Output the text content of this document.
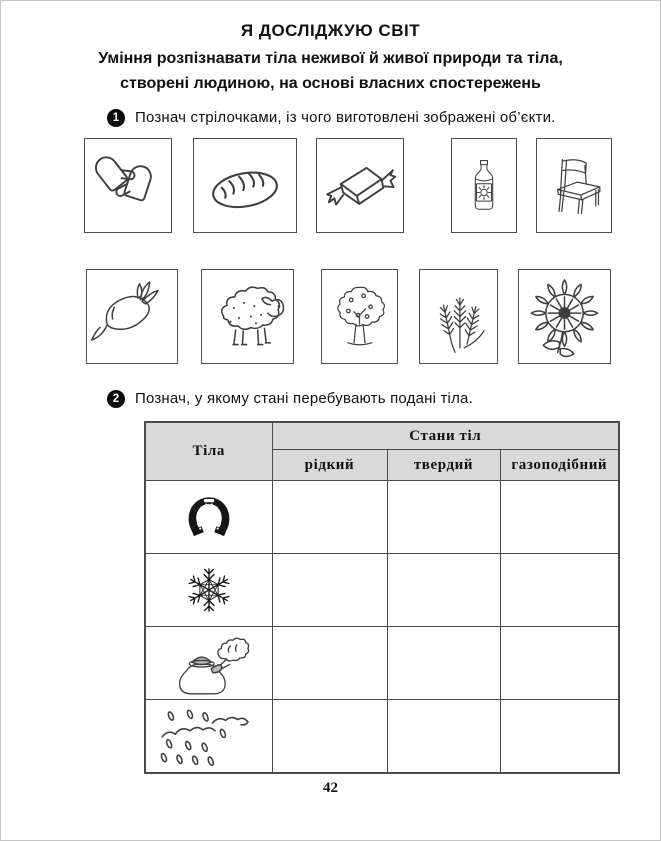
Я ДОСЛІДЖУЮ СВІТ
Уміння розпізнавати тіла неживої й живої природи та тіла, створені людиною, на основі власних спостережень
1	Познач стрілочками, із чого виготовлені зображені об’єкти.
2	Познач, у якому стані перебувають подані тіла.
Тіла	Стани тіл		
	рідкий	твердий	газоподібний

42
